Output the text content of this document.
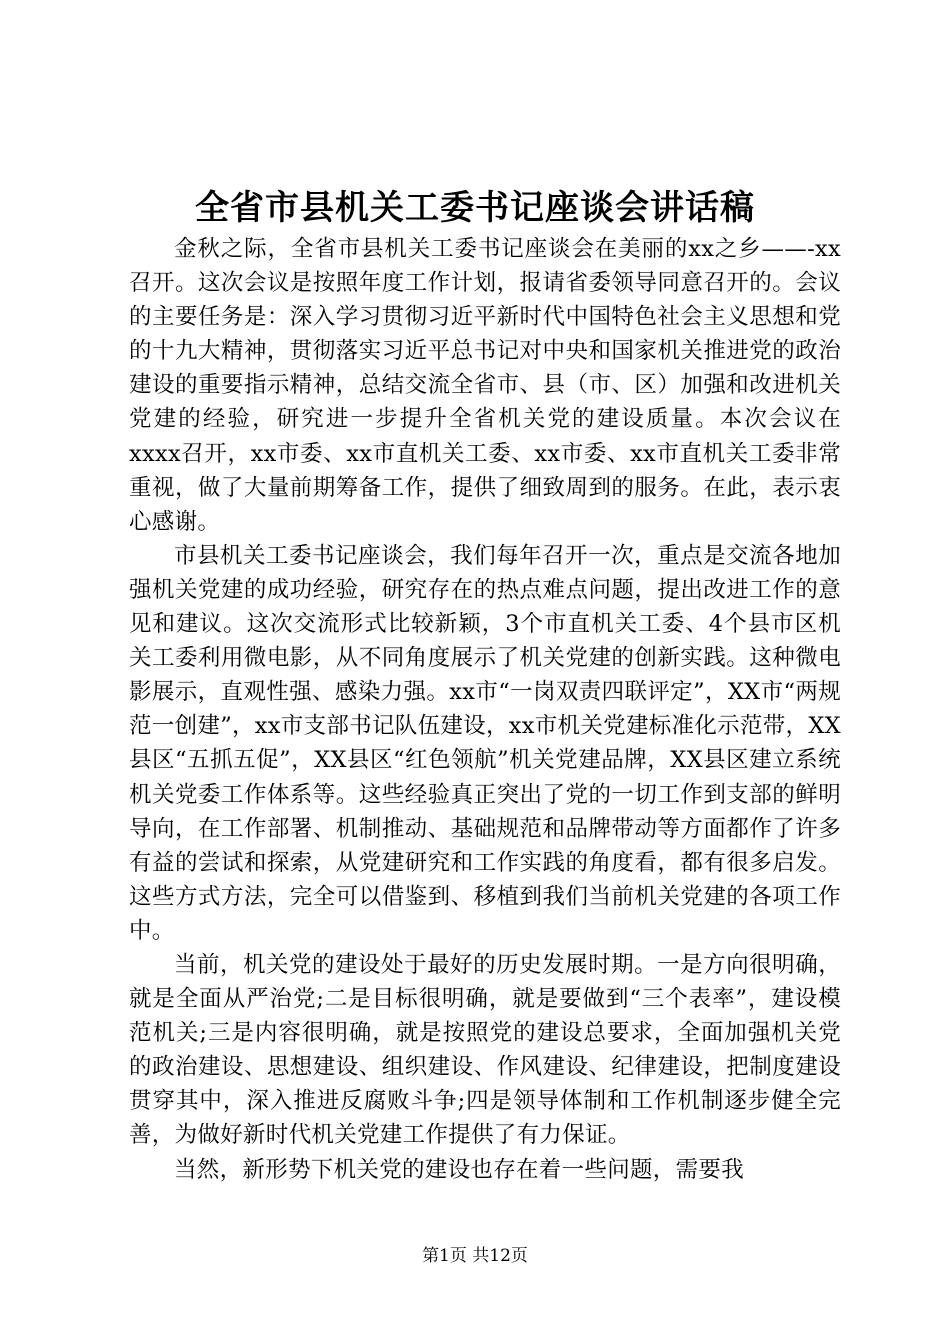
全省市县机关工委书记座谈会讲话稿

金秋之际，全省市县机关工委书记座谈会在美丽的xx之乡——-xx召开。这次会议是按照年度工作计划，报请省委领导同意召开的。会议的主要任务是：深入学习贯彻习近平新时代中国特色社会主义思想和党的十九大精神，贯彻落实习近平总书记对中央和国家机关推进党的政治建设的重要指示精神，总结交流全省市、县（市、区）加强和改进机关党建的经验，研究进一步提升全省机关党的建设质量。本次会议在xxxx召开，xx市委、xx市直机关工委、xx市委、xx市直机关工委非常重视，做了大量前期筹备工作，提供了细致周到的服务。在此，表示衷心感谢。

市县机关工委书记座谈会，我们每年召开一次，重点是交流各地加强机关党建的成功经验，研究存在的热点难点问题，提出改进工作的意见和建议。这次交流形式比较新颖，3个市直机关工委、4个县市区机关工委利用微电影，从不同角度展示了机关党建的创新实践。这种微电影展示，直观性强、感染力强。xx市“一岗双责四联评定”，XX市“两规范一创建”，xx市支部书记队伍建设，xx市机关党建标准化示范带，XX县区“五抓五促”，XX县区“红色领航”机关党建品牌，XX县区建立系统机关党委工作体系等。这些经验真正突出了党的一切工作到支部的鲜明导向，在工作部署、机制推动、基础规范和品牌带动等方面都作了许多有益的尝试和探索，从党建研究和工作实践的角度看，都有很多启发。这些方式方法，完全可以借鉴到、移植到我们当前机关党建的各项工作中。

当前，机关党的建设处于最好的历史发展时期。一是方向很明确，就是全面从严治党;二是目标很明确，就是要做到“三个表率”，建设模范机关;三是内容很明确，就是按照党的建设总要求，全面加强机关党的政治建设、思想建设、组织建设、作风建设、纪律建设，把制度建设贯穿其中，深入推进反腐败斗争;四是领导体制和工作机制逐步健全完善，为做好新时代机关党建工作提供了有力保证。

当然，新形势下机关党的建设也存在着一些问题，需要我

第1页 共12页
